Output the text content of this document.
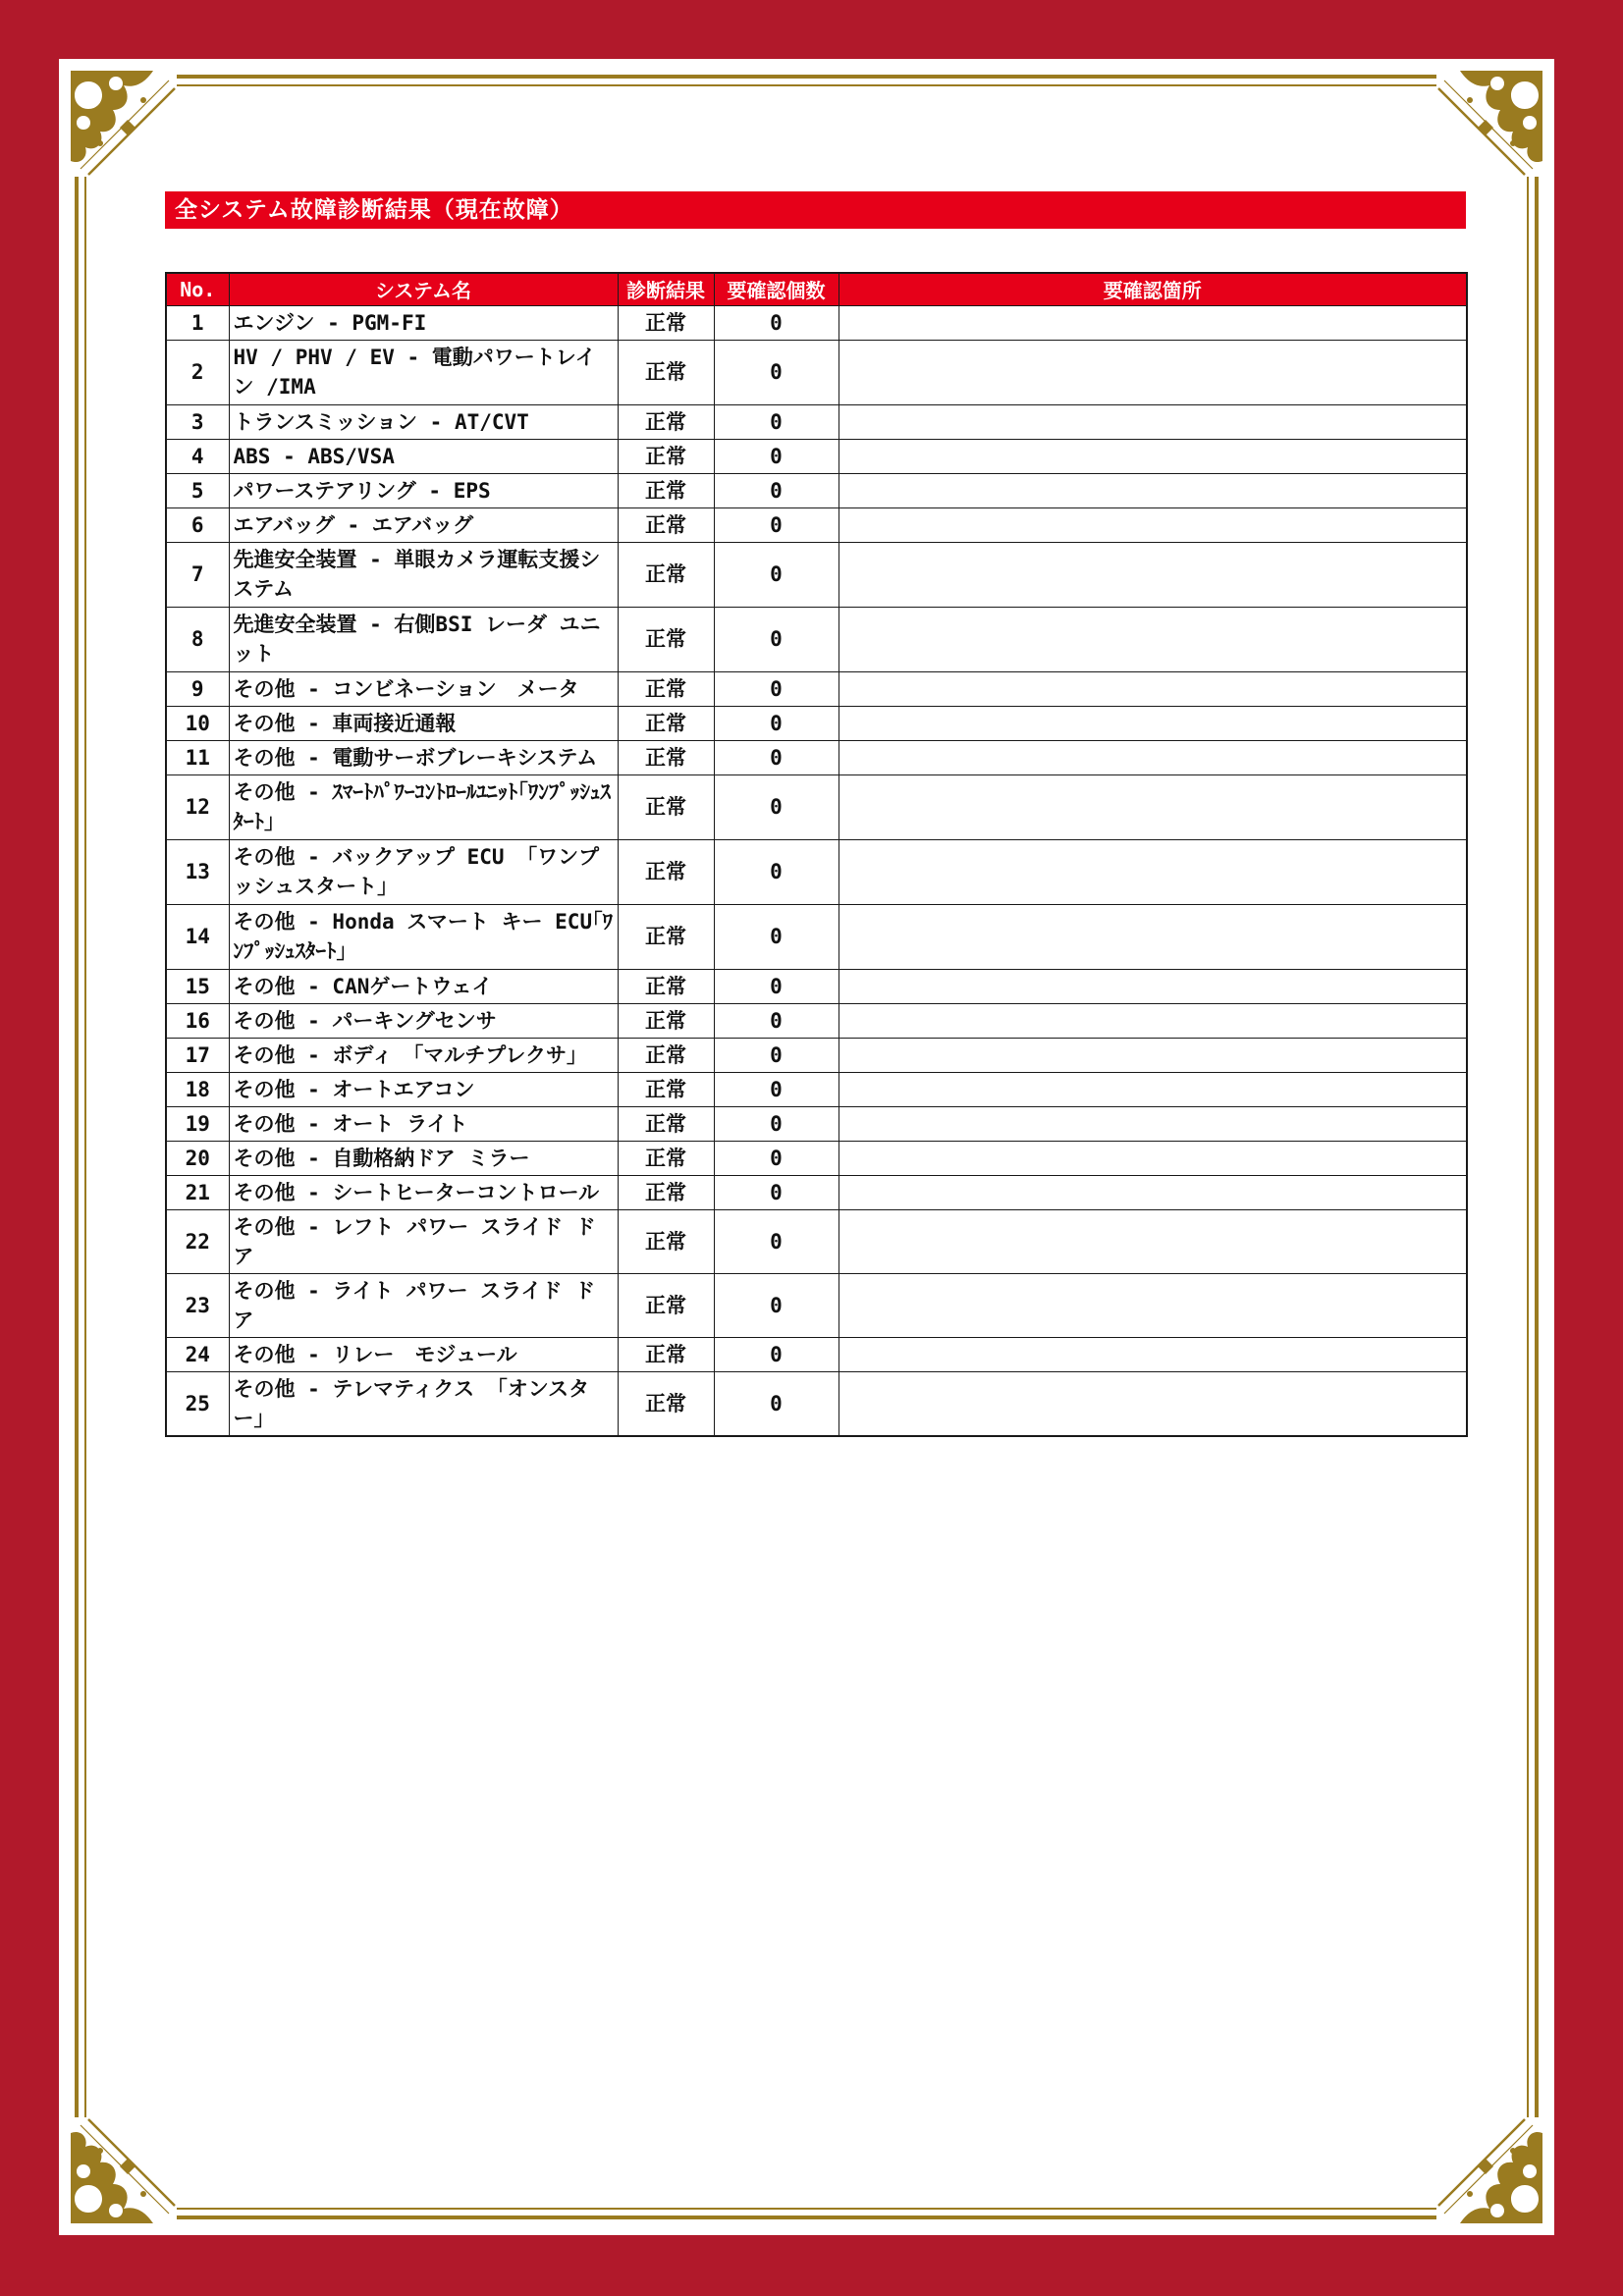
全システム故障診断結果（現在故障）
No.	システム名	診断結果	要確認個数	要確認箇所
1	エンジン - PGM-FI	正常	0	
2	HV / PHV / EV - 電動パワートレイン /IMA	正常	0	
3	トランスミッション - AT/CVT	正常	0	
4	ABS - ABS/VSA	正常	0	
5	パワーステアリング - EPS	正常	0	
6	エアバッグ - エアバッグ	正常	0	
7	先進安全装置 - 単眼カメラ運転支援システム	正常	0	
8	先進安全装置 - 右側BSI レーダ ユニット	正常	0	
9	その他 - コンビネーション　メータ	正常	0	
10	その他 - 車両接近通報	正常	0	
11	その他 - 電動サーボブレーキシステム	正常	0	
12	その他 - ｽﾏｰﾄﾊﾟﾜｰｺﾝﾄﾛｰﾙﾕﾆｯﾄ｢ﾜﾝﾌﾟｯｼｭｽﾀｰﾄ｣	正常	0	
13	その他 - バックアップ ECU 「ワンプッシュスタート」	正常	0	
14	その他 - Honda スマート キー ECU｢ﾜﾝﾌﾟｯｼｭｽﾀｰﾄ｣	正常	0	
15	その他 - CANゲートウェイ	正常	0	
16	その他 - パーキングセンサ	正常	0	
17	その他 - ボディ　「マルチプレクサ」	正常	0	
18	その他 - オートエアコン	正常	0	
19	その他 - オート ライト	正常	0	
20	その他 - 自動格納ドア ミラー	正常	0	
21	その他 - シートヒーターコントロール	正常	0	
22	その他 - レフト パワー スライド ドア	正常	0	
23	その他 - ライト パワー スライド ドア	正常	0	
24	その他 - リレー　モジュール	正常	0	
25	その他 - テレマティクス 「オンスター」	正常	0	
